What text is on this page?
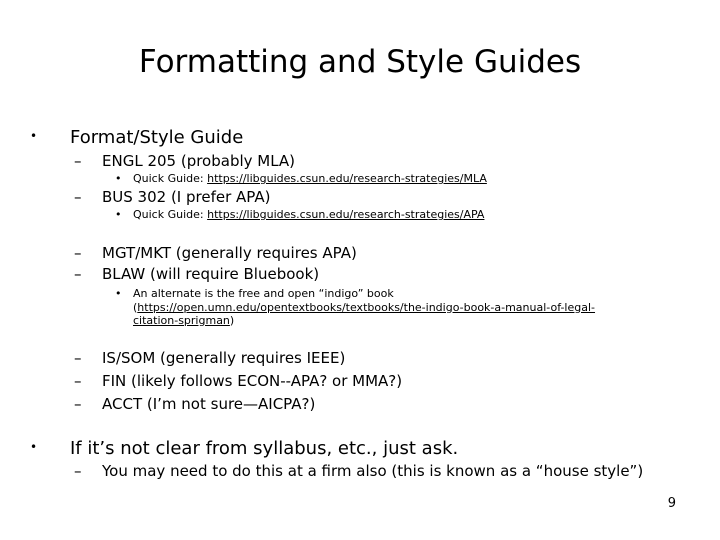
Formatting and Style Guides
• Format/Style Guide
– ENGL 205 (probably MLA)
• Quick Guide: https://libguides.csun.edu/research-strategies/MLA
– BUS 302 (I prefer APA)
• Quick Guide: https://libguides.csun.edu/research-strategies/APA
– MGT/MKT (generally requires APA)
– BLAW (will require Bluebook)
• An alternate is the free and open “indigo” book
(https://open.umn.edu/opentextbooks/textbooks/the-indigo-book-a-manual-of-legal-
citation-sprigman)
– IS/SOM (generally requires IEEE)
– FIN (likely follows ECON--APA? or MMA?)
– ACCT (I’m not sure—AICPA?)
• If it’s not clear from syllabus, etc., just ask.
– You may need to do this at a firm also (this is known as a “house style”)
9
